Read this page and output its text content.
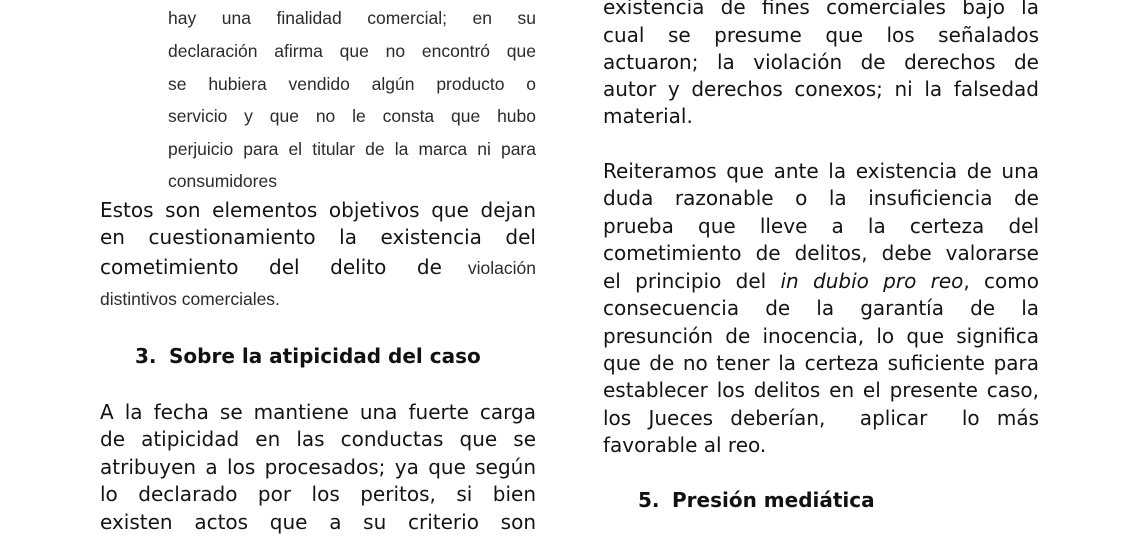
hay una finalidad comercial; en su
declaración afirma que no encontró que
se hubiera vendido algún producto o
servicio y que no le consta que hubo
perjuicio para el titular de la marca ni para
consumidores
Estos son elementos objetivos que dejan
en cuestionamiento la existencia del
cometimiento del delito de	violación
distintivos comerciales.
3. Sobre la atipicidad del caso
A la fecha se mantiene una fuerte carga
de atipicidad en las conductas que se
atribuyen a los procesados; ya que según
lo declarado por los peritos, si bien
existen actos que a su criterio son
existencia de fines comerciales bajo la
cual se presume que los señalados
actuaron; la violación de derechos de
autor y derechos conexos; ni la falsedad
material.
Reiteramos que ante la existencia de una
duda razonable o la insuficiencia de
prueba que lleve a la certeza del
cometimiento de delitos, debe valorarse
el principio del in dubio pro reo, como
consecuencia de la garantía de la
presunción de inocencia, lo que significa
que de no tener la certeza suficiente para
establecer los delitos en el presente caso,
los Jueces deberían,  aplicar  lo más
favorable al reo.
5. Presión mediática
